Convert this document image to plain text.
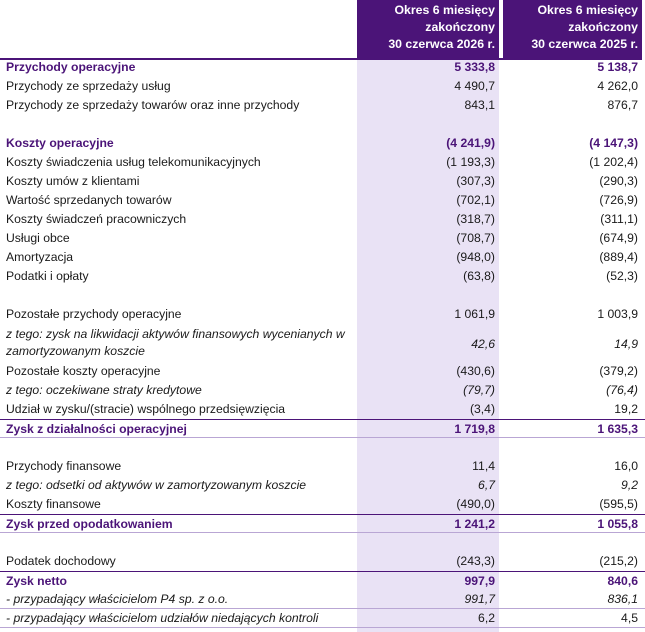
Okres 6 miesięcy
zakończony
30 czerwca 2026 r.
Okres 6 miesięcy
zakończony
30 czerwca 2025 r.
Przychody operacyjne	5 333,8	5 138,7
Przychody ze sprzedaży usług	4 490,7	4 262,0
Przychody ze sprzedaży towarów oraz inne przychody	843,1	876,7
Koszty operacyjne	(4 241,9)	(4 147,3)
Koszty świadczenia usług telekomunikacyjnych	(1 193,3)	(1 202,4)
Koszty umów z klientami	(307,3)	(290,3)
Wartość sprzedanych towarów	(702,1)	(726,9)
Koszty świadczeń pracowniczych	(318,7)	(311,1)
Usługi obce	(708,7)	(674,9)
Amortyzacja	(948,0)	(889,4)
Podatki i opłaty	(63,8)	(52,3)
Pozostałe przychody operacyjne	1 061,9	1 003,9
z tego: zysk na likwidacji aktywów finansowych wycenianych w zamortyzowanym koszcie	42,6	14,9
Pozostałe koszty operacyjne	(430,6)	(379,2)
z tego: oczekiwane straty kredytowe	(79,7)	(76,4)
Udział w zysku/(stracie) wspólnego przedsięwzięcia	(3,4)	19,2
Zysk z działalności operacyjnej	1 719,8	1 635,3
Przychody finansowe	11,4	16,0
z tego: odsetki od aktywów w zamortyzowanym koszcie	6,7	9,2
Koszty finansowe	(490,0)	(595,5)
Zysk przed opodatkowaniem	1 241,2	1 055,8
Podatek dochodowy	(243,3)	(215,2)
Zysk netto	997,9	840,6
- przypadający właścicielom P4 sp. z o.o.	991,7	836,1
- przypadający właścicielom udziałów niedających kontroli	6,2	4,5
